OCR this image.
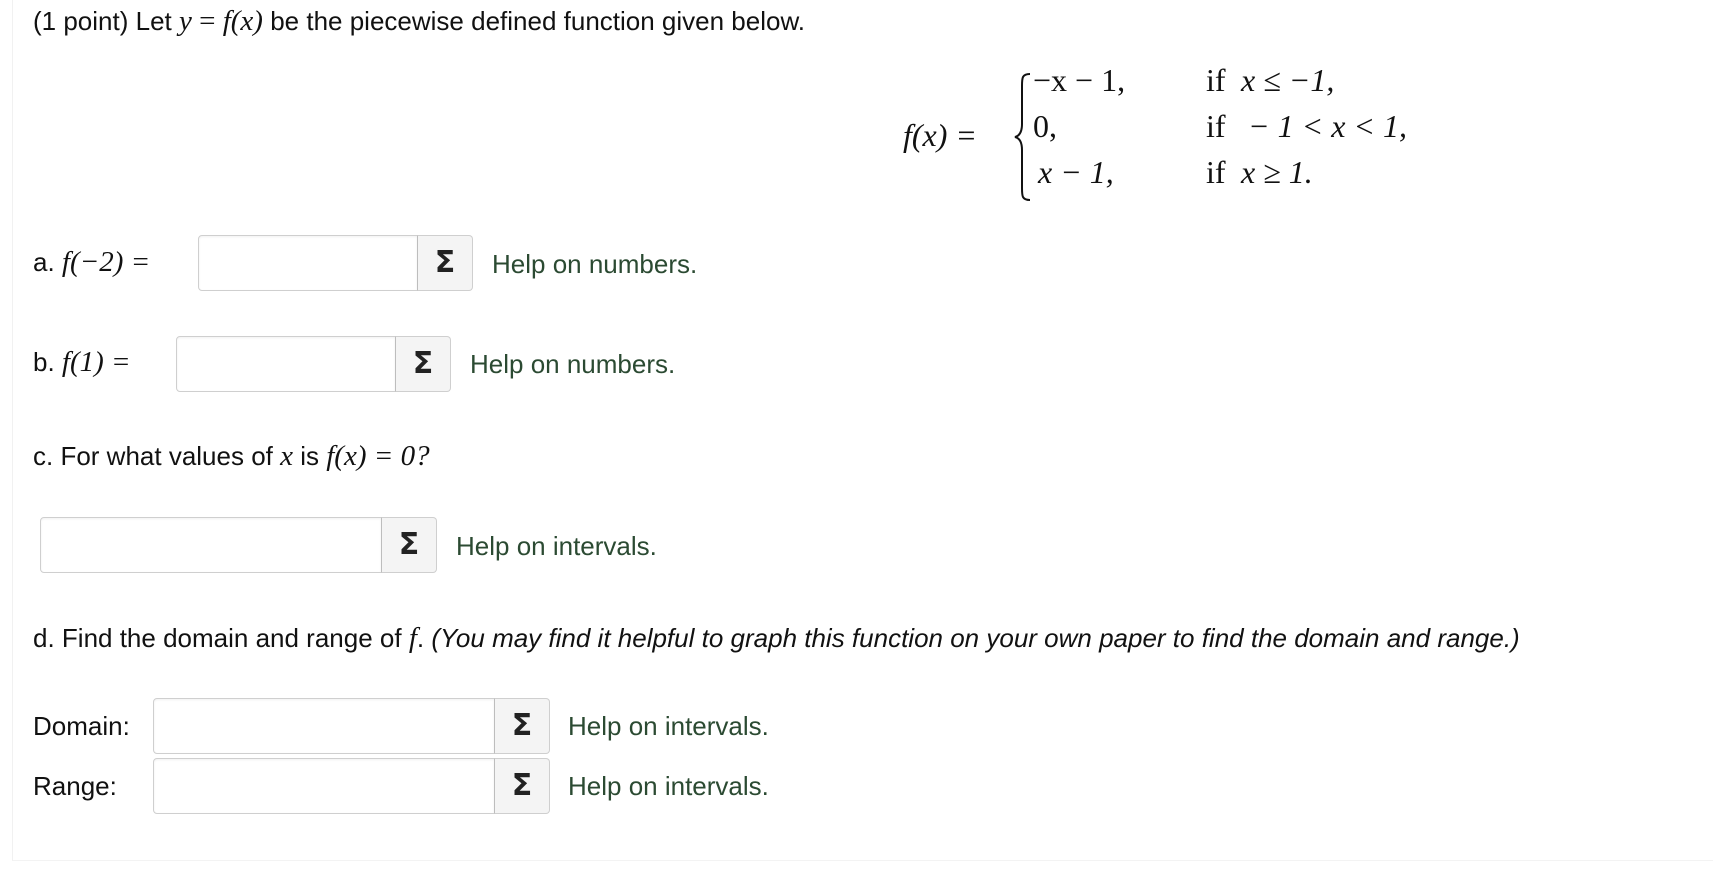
(1 point) Let y = f(x) be the piecewise defined function given below.
f(x) =
−x − 1,	if x ≤ −1,
0,	if − 1 < x < 1,
x − 1,	if x ≥ 1.
a. f(−2) =	Σ	Help on numbers.
b. f(1) =	Σ	Help on numbers.
c. For what values of x is f(x) = 0?
Σ	Help on intervals.
d. Find the domain and range of f. (You may find it helpful to graph this function on your own paper to find the domain and range.)
Domain:	Σ	Help on intervals.
Range:	Σ	Help on intervals.
